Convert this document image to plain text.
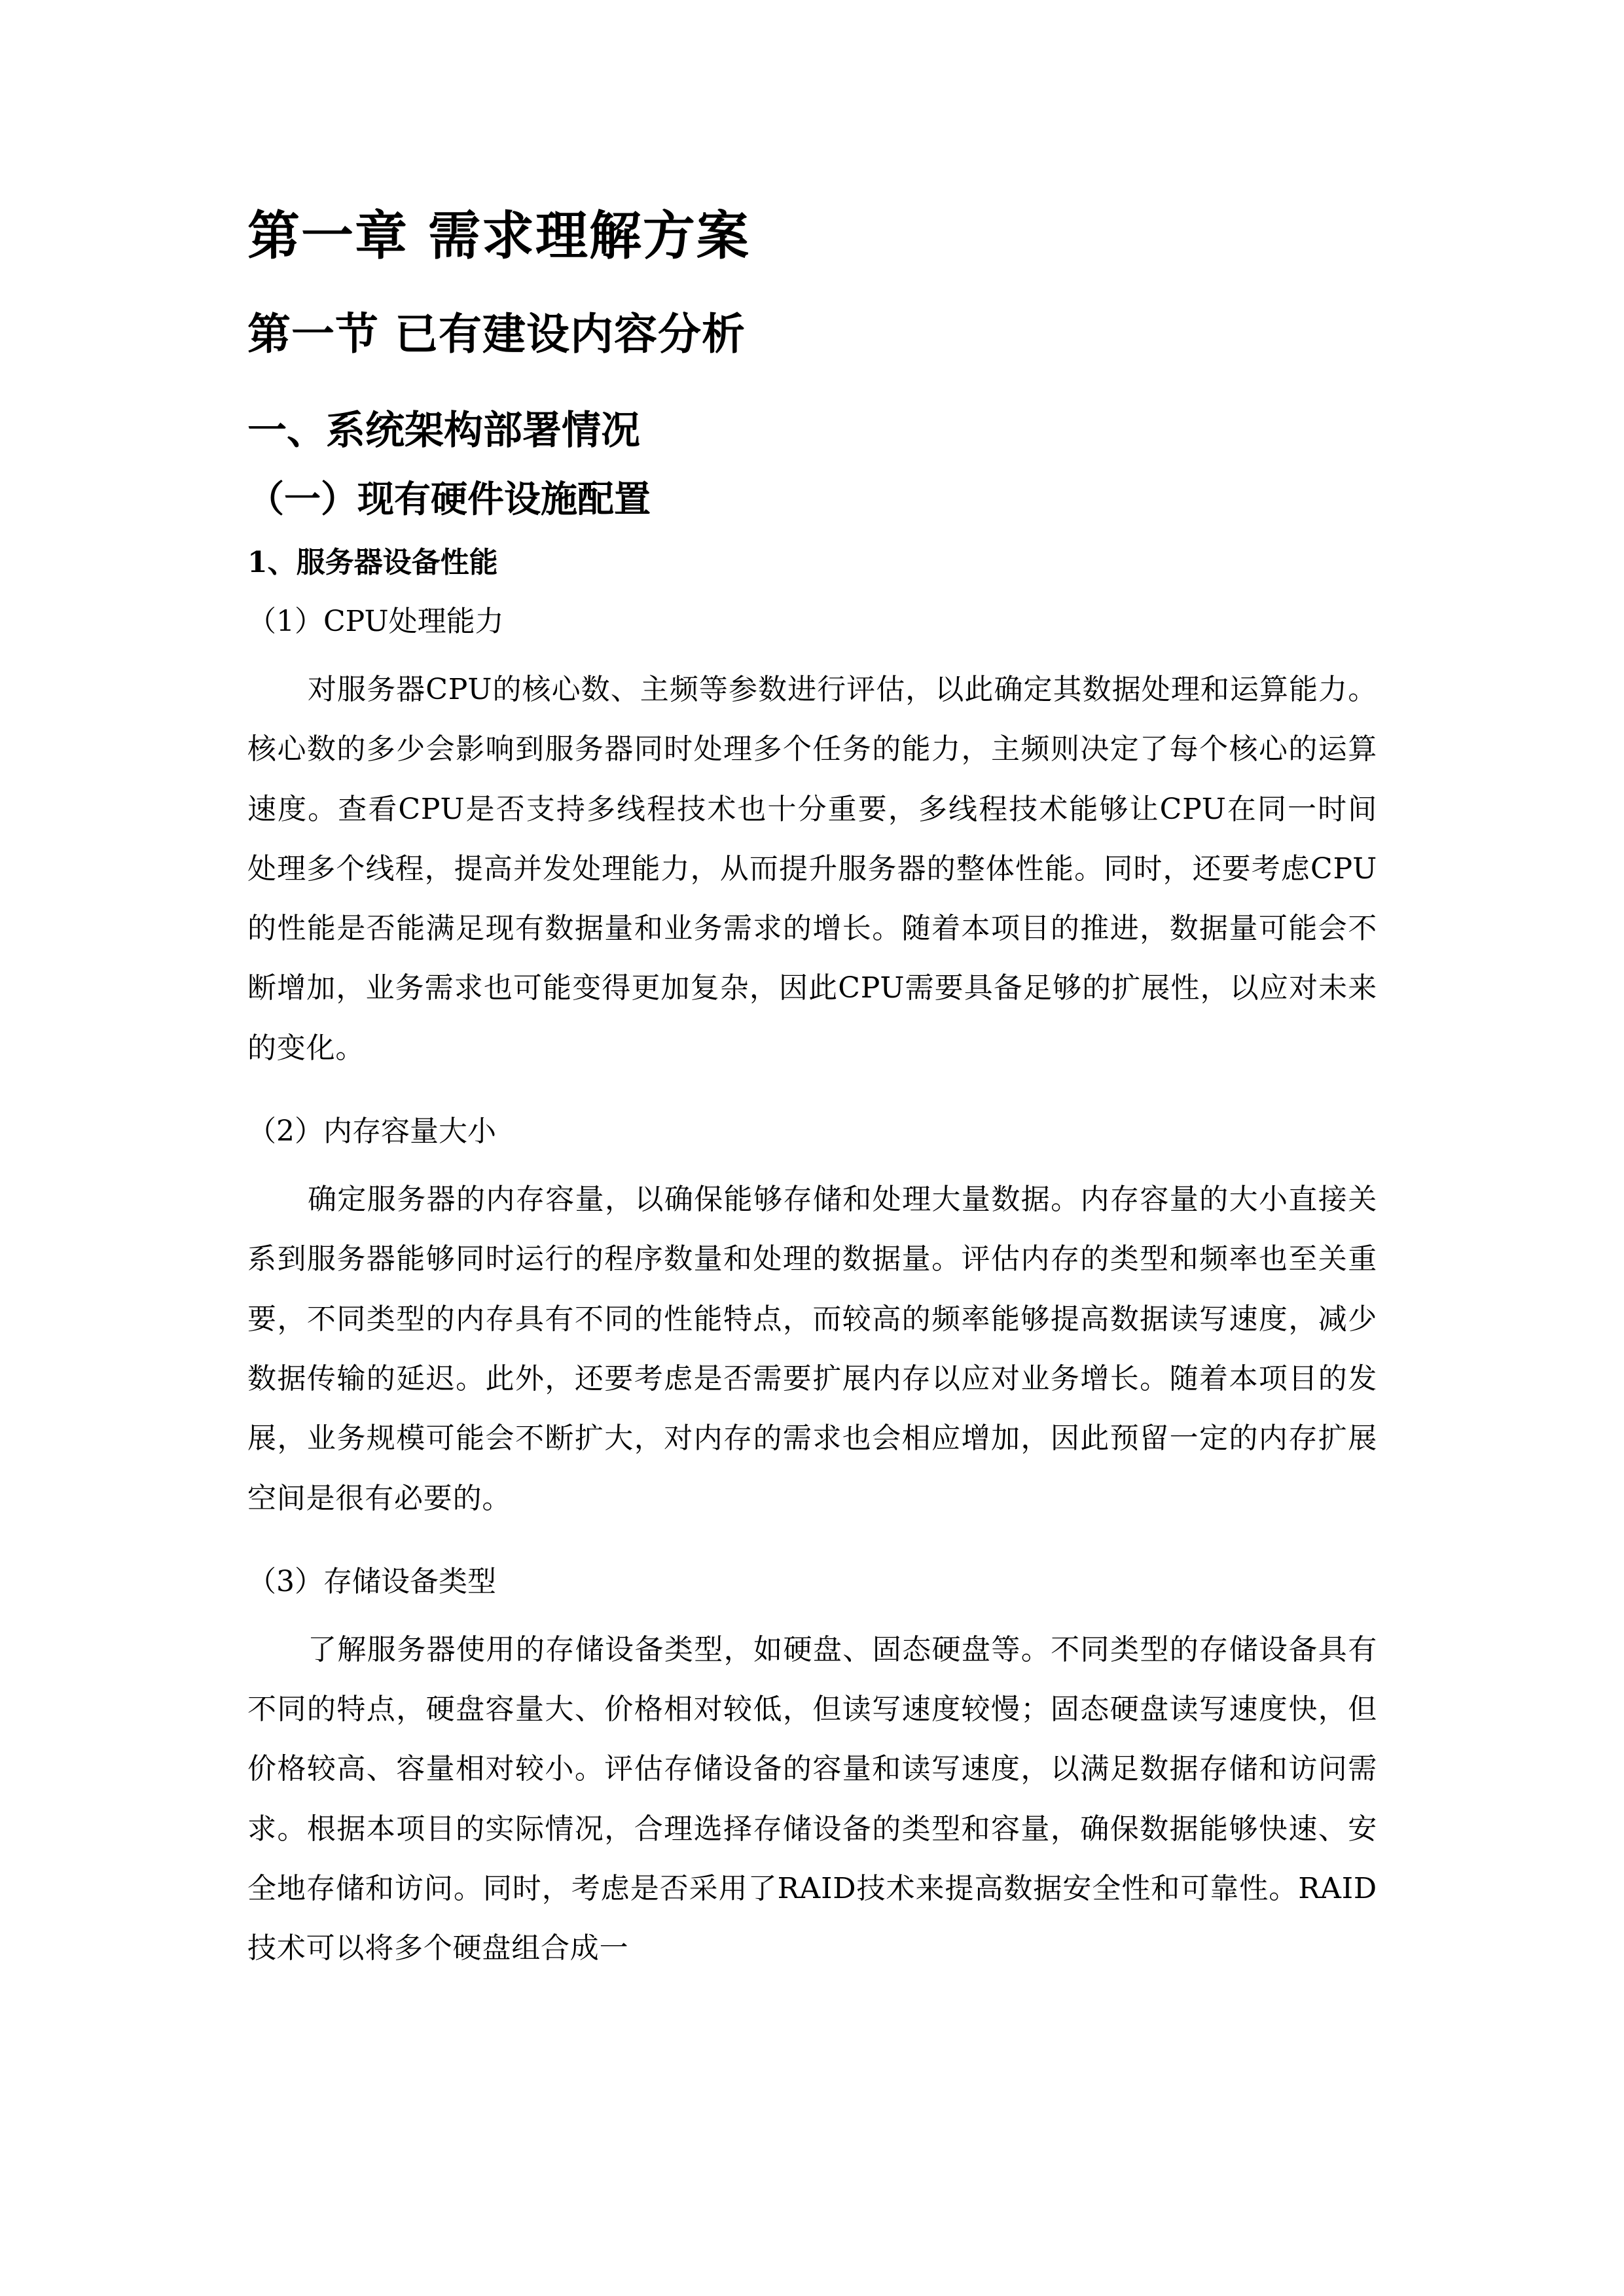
第一章 需求理解方案
第一节 已有建设内容分析
一、系统架构部署情况
（一）现有硬件设施配置
1、服务器设备性能
（1）CPU处理能力

对服务器CPU的核心数、主频等参数进行评估，以此确定其数据处理和运算能力。核心数的多少会影响到服务器同时处理多个任务的能力，主频则决定了每个核心的运算速度。查看CPU是否支持多线程技术也十分重要，多线程技术能够让CPU在同一时间处理多个线程，提高并发处理能力，从而提升服务器的整体性能。同时，还要考虑CPU的性能是否能满足现有数据量和业务需求的增长。随着本项目的推进，数据量可能会不断增加，业务需求也可能变得更加复杂，因此CPU需要具备足够的扩展性，以应对未来的变化。

（2）内存容量大小

确定服务器的内存容量，以确保能够存储和处理大量数据。内存容量的大小直接关系到服务器能够同时运行的程序数量和处理的数据量。评估内存的类型和频率也至关重要，不同类型的内存具有不同的性能特点，而较高的频率能够提高数据读写速度，减少数据传输的延迟。此外，还要考虑是否需要扩展内存以应对业务增长。随着本项目的发展，业务规模可能会不断扩大，对内存的需求也会相应增加，因此预留一定的内存扩展空间是很有必要的。

（3）存储设备类型

了解服务器使用的存储设备类型，如硬盘、固态硬盘等。不同类型的存储设备具有不同的特点，硬盘容量大、价格相对较低，但读写速度较慢；固态硬盘读写速度快，但价格较高、容量相对较小。评估存储设备的容量和读写速度，以满足数据存储和访问需求。根据本项目的实际情况，合理选择存储设备的类型和容量，确保数据能够快速、安全地存储和访问。同时，考虑是否采用了RAID技术来提高数据安全性和可靠性。RAID技术可以将多个硬盘组合成一
